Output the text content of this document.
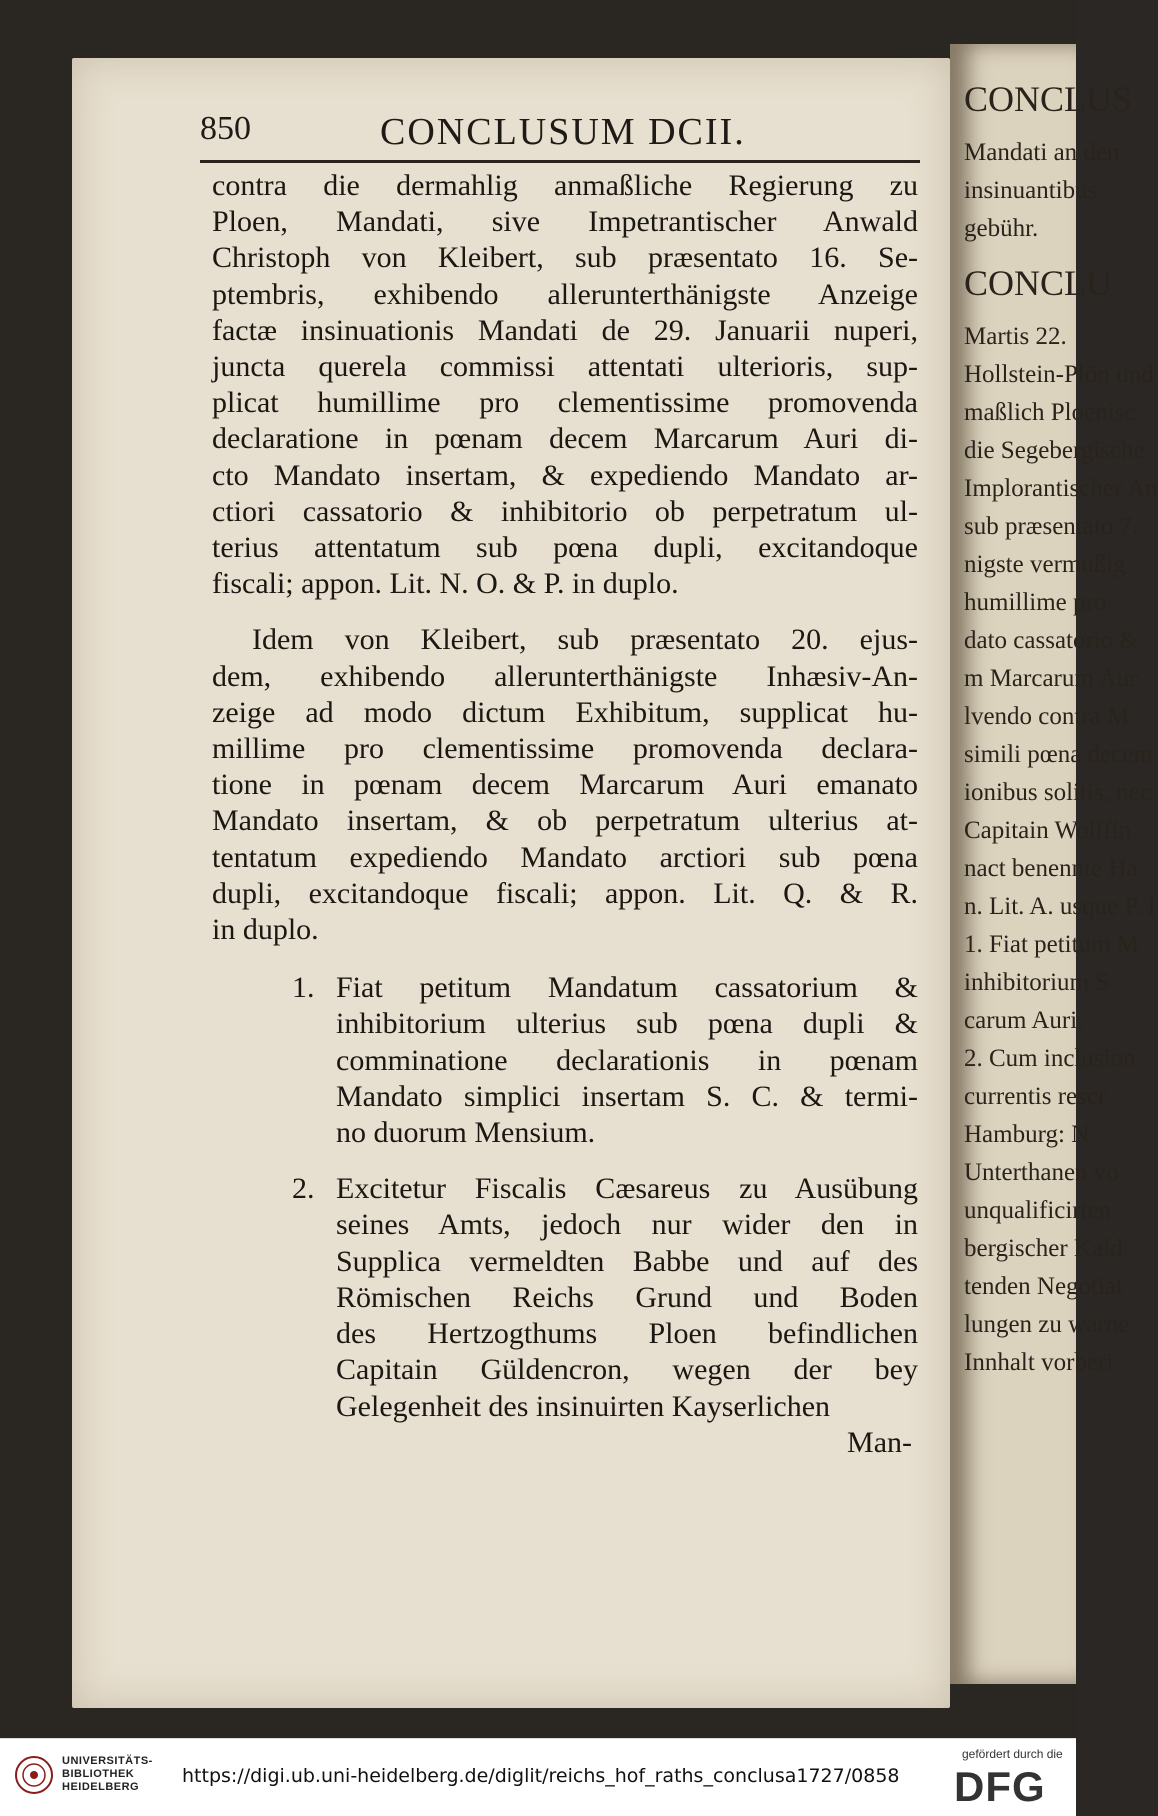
CONCLUS
Mandati an den
insinuantibus
gebühr.
CONCLU
Martis 22.
Hollstein-Plön und
maßlich Ploenisc
die Segebergische
Implorantischer An
sub præsentato 7.
nigste vermüßig
humillime pro
dato cassatorio &
m Marcarum Aur
lvendo contra M
simili pœna decem
ionibus solitis, nec
Capitain Wolffin
nact benennte Ha
n. Lit. A. usque P. i
1. Fiat petitum M
inhibitorium S
carum Auri.
2. Cum inclusion
currentis rescr
Hamburg: N
Unterthanen vo
unqualificirten
bergischer Kald
tenden Negotiat
lungen zu warne
Innhalt vorberi
850	CONCLUSUM DCII.

contra die dermahlig anmaßliche Regierung zu
Ploen, Mandati, sive Impetrantischer Anwald
Christoph von Kleibert, sub præsentato 16. Se-
ptembris, exhibendo allerunterthänigste Anzeige
factæ insinuationis Mandati de 29. Januarii nuperi,
juncta querela commissi attentati ulterioris, sup-
plicat humillime pro clementissime promovenda
declaratione in pœnam decem Marcarum Auri di-
cto Mandato insertam, & expediendo Mandato ar-
ctiori cassatorio & inhibitorio ob perpetratum ul-
terius attentatum sub pœna dupli, excitandoque
fiscali; appon. Lit. N. O. & P. in duplo.

Idem von Kleibert, sub præsentato 20. ejus-
dem, exhibendo allerunterthänigste Inhæsiv-An-
zeige ad modo dictum Exhibitum, supplicat hu-
millime pro clementissime promovenda declara-
tione in pœnam decem Marcarum Auri emanato
Mandato insertam, & ob perpetratum ulterius at-
tentatum expediendo Mandato arctiori sub pœna
dupli, excitandoque fiscali; appon. Lit. Q. & R.
in duplo.

1. Fiat petitum Mandatum cassatorium &
inhibitorium ulterius sub pœna dupli &
comminatione declarationis in pœnam
Mandato simplici insertam S. C. & termi-
no duorum Mensium.
2. Excitetur Fiscalis Cæsareus zu Ausübung
seines Amts, jedoch nur wider den in
Supplica vermeldten Babbe und auf des
Römischen Reichs Grund und Boden
des Hertzogthums Ploen befindlichen
Capitain Güldencron, wegen der bey
Gelegenheit des insinuirten Kayserlichen
Man-
UNIVERSITÄTS-
BIBLIOTHEK
HEIDELBERG	https://digi.ub.uni-heidelberg.de/diglit/reichs_hof_raths_conclusa1727/0858
gefördert durch die
DFG
